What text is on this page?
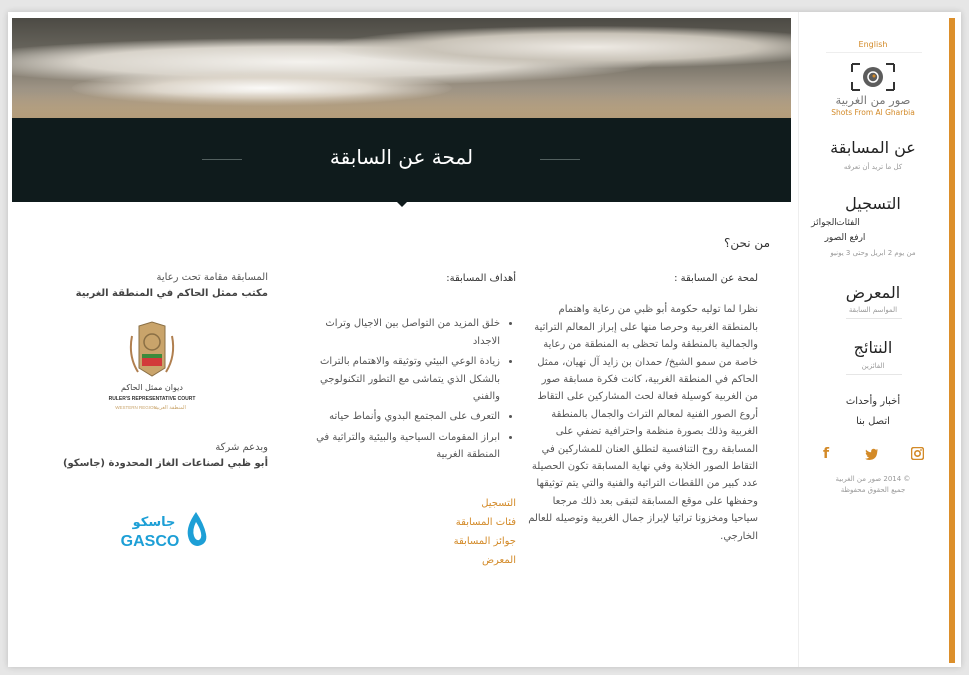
لمحة عن السابقة
من نحن؟
لمحة عن المسابقة :
نظرا لما توليه حكومة أبو ظبي من رعاية واهتمام بالمنطقة الغربية وحرصا منها على إبراز المعالم التراثية والجمالية بالمنطقة ولما تحظى به المنطقة من رعاية خاصة من سمو الشيخ/ حمدان بن زايد آل نهيان، ممثل الحاكم في المنطقة الغربية، كانت فكرة مسابقة صور من الغربية كوسيلة فعالة لحث المشاركين على التقاط أروع الصور الفنية لمعالم التراث والجمال بالمنطقة الغربية وذلك بصورة منظمة واحترافية تضفي على المسابقة روح التنافسية لتطلق العنان للمشاركين في التقاط الصور الخلابة وفي نهاية المسابقة تكون الحصيلة عدد كبير من اللقطات التراثية والفنية والتي يتم توثيقها وحفظها على موقع المسابقة لتبقى بعد ذلك مرجعا سياحيا ومخزونا تراثيا لإبراز جمال الغربية وتوصيله للعالم الخارجي.
أهداف المسابقة:
• خلق المزيد من التواصل بين الاجيال وتراث الاجداد
• زيادة الوعي البيئي وتوثيقه والاهتمام بالتراث بالشكل الذي يتماشى مع التطور التكنولوجي والفني
• التعرف على المجتمع البدوي وأنماط حياته
• ابراز المقومات السياحية والبيئية والتراثية في المنطقة الغربية
التسجيل
فئات المسابقة
جوائز المسابقة
المعرض
المسابقة مقامة تحت رعاية
مكتب ممثل الحاكم في المنطقة الغربية
ديوان ممثل الحاكم
RULER'S REPRESENTATIVE COURT
WESTERN REGION
المنطقة الغربية
وبدعم شركة
أبو ظبي لصناعات الغاز المحدودة (جاسكو)
جاسكو
GASCO
English
صور من الغربية
Shots From Al Gharbia
عن المسابقة
كل ما تريد أن تعرفه
التسجيل
الفئات
الجوائز
ارفع الصور
من يوم 2 ابريل وحتى 3 يونيو
المعرض
المواسم السابقة
النتائج
الفائزين
أخبار وأحداث
اتصل بنا
f
© 2014 صور من الغربية
جميع الحقوق محفوظة
